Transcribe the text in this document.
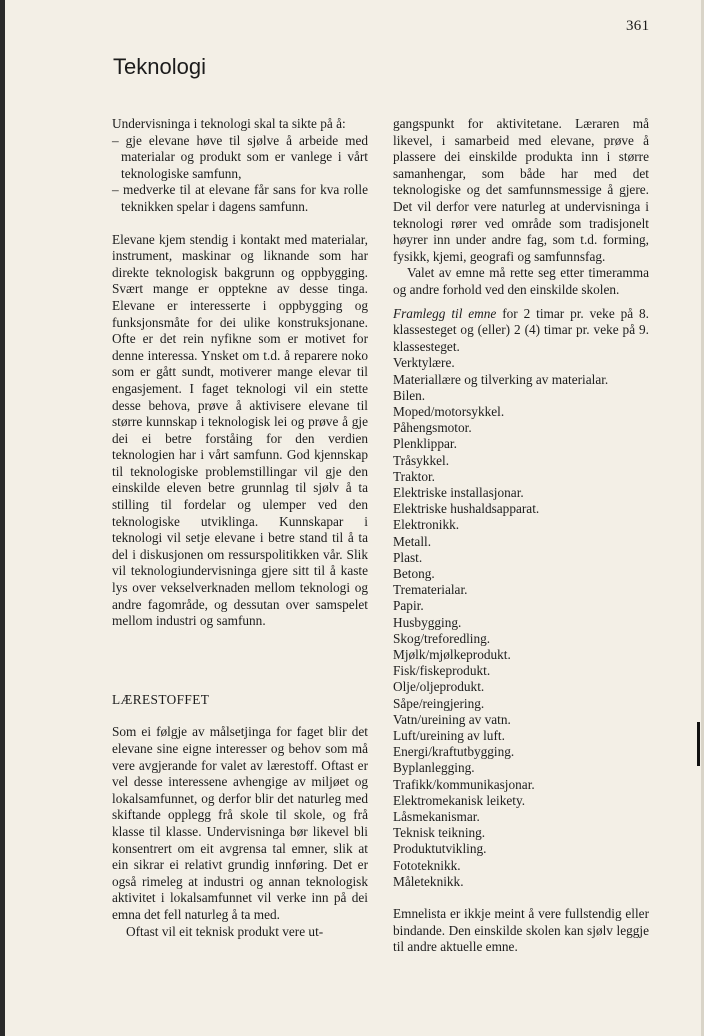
361
Teknologi

Undervisninga i teknologi skal ta sikte på å:

– gje elevane høve til sjølve å arbeide med materialar og produkt som er vanlege i vårt teknologiske samfunn,

– medverke til at elevane får sans for kva rolle teknikken spelar i dagens samfunn.

Elevane kjem stendig i kontakt med materialar, instrument, maskinar og liknande som har direkte teknologisk bakgrunn og oppbygging. Svært mange er opptekne av desse tinga. Elevane er interesserte i oppbygging og funksjonsmåte for dei ulike konstruksjonane. Ofte er det rein nyfikne som er motivet for denne interessa. Ynsket om t.d. å reparere noko som er gått sundt, motiverer mange elevar til engasjement. I faget teknologi vil ein stette desse behova, prøve å aktivisere elevane til større kunnskap i teknologisk lei og prøve å gje dei ei betre forståing for den verdien teknologien har i vårt samfunn. God kjennskap til teknologiske problemstillingar vil gje den einskilde eleven betre grunnlag til sjølv å ta stilling til fordelar og ulemper ved den teknologiske utviklinga. Kunnskapar i teknologi vil setje elevane i betre stand til å ta del i diskusjonen om ressurspolitikken vår. Slik vil teknologiundervisninga gjere sitt til å kaste lys over vekselverknaden mellom teknologi og andre fagområde, og dessutan over samspelet mellom industri og samfunn.

LÆRESTOFFET

Som ei følgje av målsetjinga for faget blir det elevane sine eigne interesser og behov som må vere avgjerande for valet av lærestoff. Oftast er vel desse interessene avhengige av miljøet og lokalsamfunnet, og derfor blir det naturleg med skiftande opplegg frå skole til skole, og frå klasse til klasse. Undervisninga bør likevel bli konsentrert om eit avgrensa tal emner, slik at ein sikrar ei relativt grundig innføring. Det er også rimeleg at industri og annan teknologisk aktivitet i lokalsamfunnet vil verke inn på dei emna det fell naturleg å ta med.

Oftast vil eit teknisk produkt vere ut-

gangspunkt for aktivitetane. Læraren må likevel, i samarbeid med elevane, prøve å plassere dei einskilde produkta inn i større samanhengar, som både har med det teknologiske og det samfunnsmessige å gjere. Det vil derfor vere naturleg at undervisninga i teknologi rører ved område som tradisjonelt høyrer inn under andre fag, som t.d. forming, fysikk, kjemi, geografi og samfunnsfag.

Valet av emne må rette seg etter timeramma og andre forhold ved den einskilde skolen.

Framlegg til emne for 2 timar pr. veke på 8. klassesteget og (eller) 2 (4) timar pr. veke på 9. klassesteget.

Verktylære.
Materiallære og tilverking av materialar.
Bilen.
Moped/motorsykkel.
Påhengsmotor.
Plenklippar.
Tråsykkel.
Traktor.
Elektriske installasjonar.
Elektriske hushaldsapparat.
Elektronikk.
Metall.
Plast.
Betong.
Trematerialar.
Papir.
Husbygging.
Skog/treforedling.
Mjølk/mjølkeprodukt.
Fisk/fiskeprodukt.
Olje/oljeprodukt.
Såpe/reingjering.
Vatn/ureining av vatn.
Luft/ureining av luft.
Energi/kraftutbygging.
Byplanlegging.
Trafikk/kommunikasjonar.
Elektromekanisk leikety.
Låsmekanismar.
Teknisk teikning.
Produktutvikling.
Fototeknikk.
Måleteknikk.

Emnelista er ikkje meint å vere fullstendig eller bindande. Den einskilde skolen kan sjølv leggje til andre aktuelle emne.
